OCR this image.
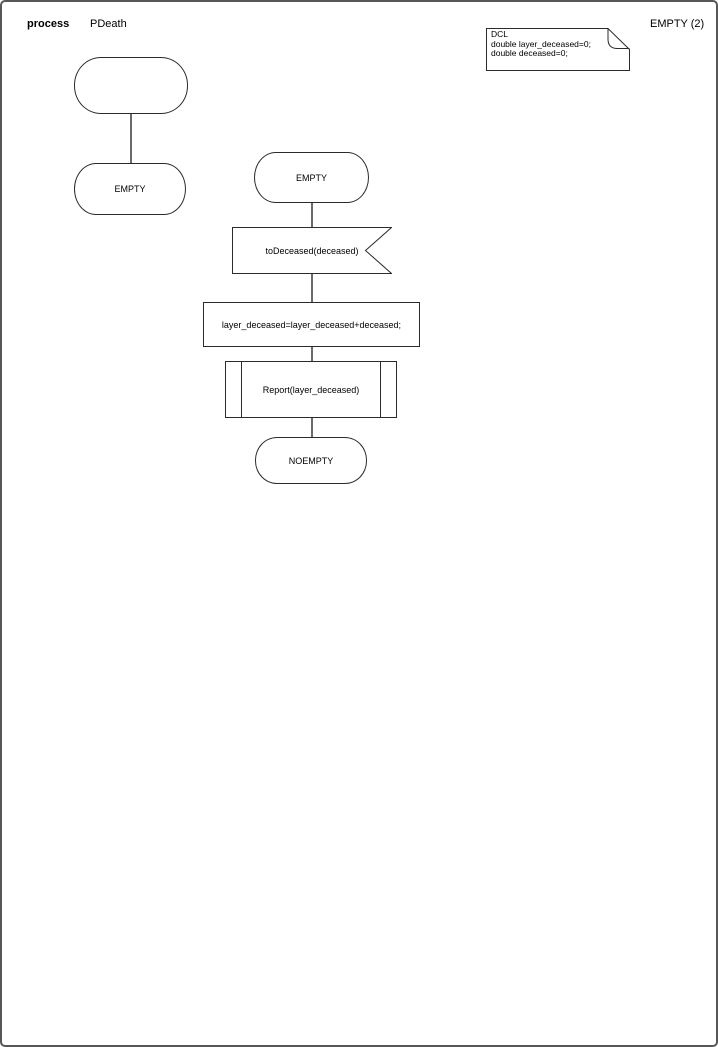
process PDeath	EMPTY (2)
DCL
double layer_deceased=0;
double deceased=0;
EMPTY
EMPTY
toDeceased(deceased)
layer_deceased=layer_deceased+deceased;
Report(layer_deceased)
NOEMPTY
